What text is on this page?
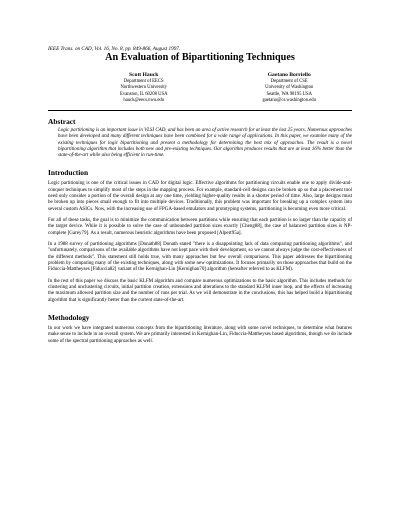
IEEE Trans. on CAD, Vol. 16, No. 8, pp. 849-866, August 1997.

An Evaluation of Bipartitioning Techniques
Scott Hauck
Department of EECS
Northwestern University
Evanston, IL 60208 USA
hauck@eecs.nwu.edu
Gaetano Borriello
Department of CSE
University of Washington
Seattle, WA 98195 USA
gaetano@cs.washington.edu
Abstract

Logic partitioning is an important issue in VLSI CAD, and has been an area of active research for at least the last 25 years. Numerous approaches have been developed and many different techniques have been combined for a wide range of applications. In this paper, we examine many of the existing techniques for logic bipartitioning and present a methodology for determining the best mix of approaches. The result is a novel bipartitioning algorithm that includes both new and pre-existing techniques. Our algorithm produces results that are at least 16% better than the state-of-the-art while also being efficient in run-time.

Introduction

Logic partitioning is one of the critical issues in CAD for digital logic. Effective algorithms for partitioning circuits enable one to apply divide-and-conquer techniques to simplify most of the steps in the mapping process. For example, standard-cell designs can be broken up so that a placement tool need only consider a portion of the overall design at any one time, yielding higher-quality results in a shorter period of time. Also, large designs must be broken up into pieces small enough to fit into multiple devices. Traditionally, this problem was important for breaking up a complex system into several custom ASICs. Now, with the increasing use of FPGA-based emulators and prototyping systems, partitioning is becoming even more critical.

For all of these tasks, the goal is to minimize the communication between partitions while ensuring that each partition is no larger than the capacity of the target device. While it is possible to solve the case of unbounded partition sizes exactly [Cheng88], the case of balanced partition sizes is NP-complete [Garey79]. As a result, numerous heuristic algorithms have been proposed [Alpert95a].

In a 1988 survey of partitioning algorithms [Donath88] Donath stated "there is a disappointing lack of data comparing partitioning algorithms", and "unfortunately, comparisons of the available algorithms have not kept pace with their development, so we cannot always judge the cost-effectiveness of the different methods". This statement still holds true, with many approaches but few overall comparisons. This paper addresses the bipartitioning problem by comparing many of the existing techniques, along with some new optimizations. It focuses primarily on those approaches that build on the Fiduccia-Mattheyses [Fiduccia82] variant of the Kernighan-Lin [Kernighan70] algorithm (hereafter referred to as KLFM).

In the rest of this paper we discuss the basic KLFM algorithm and compare numerous optimizations to the basic algorithm. This includes methods for clustering and unclustering circuits, initial partition creation, extensions and alterations to the standard KLFM inner loop, and the effects of increasing the maximum allowed partition size and the number of runs per trial. As we will demonstrate in the conclusions, this has helped build a bipartitioning algorithm that is significantly better than the current state-of-the-art.

Methodology

In our work we have integrated numerous concepts from the bipartitioning literature, along with some novel techniques, to determine what features make sense to include in an overall system. We are primarily interested in Kernighan-Lin, Fiduccia-Mattheyses based algorithms, though we do include some of the spectral partitioning approaches as well.
